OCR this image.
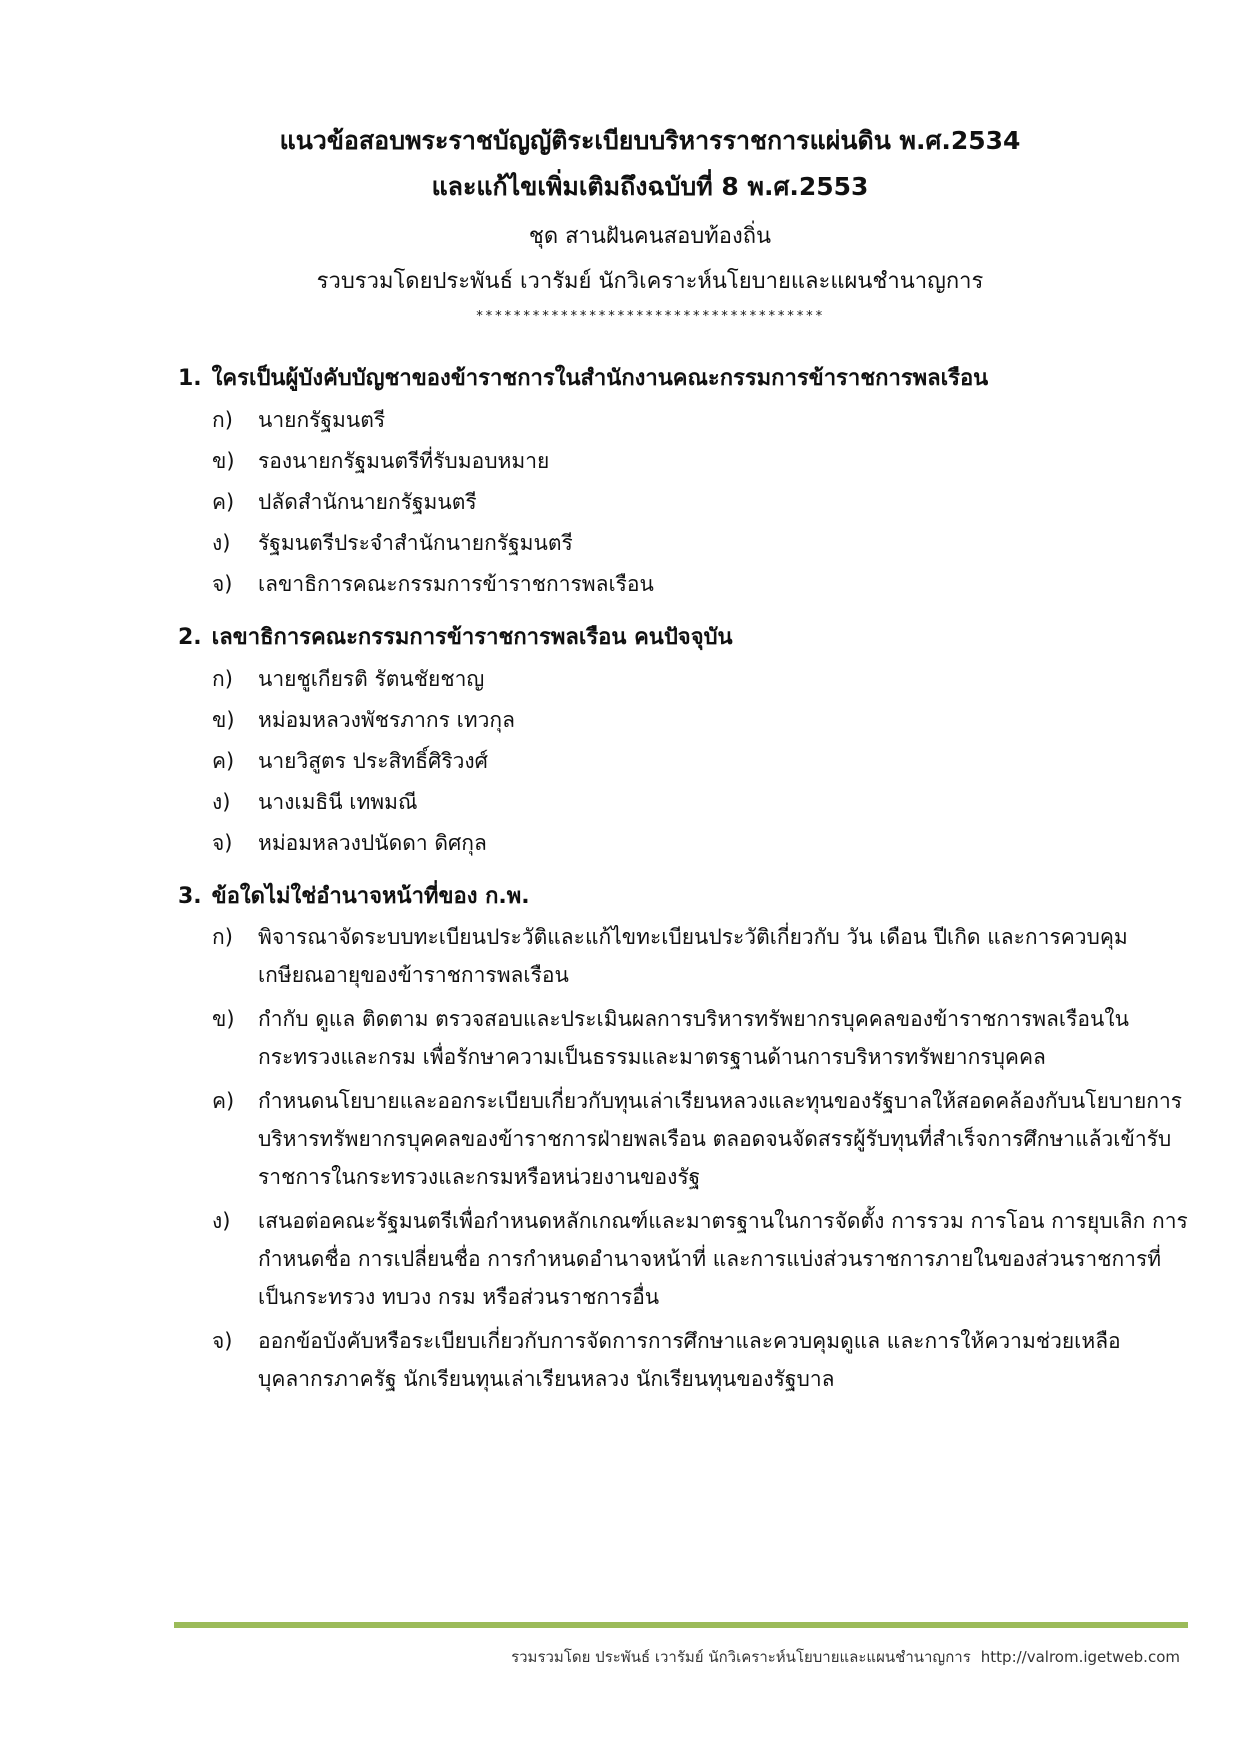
แนวข้อสอบพระราชบัญญัติระเบียบบริหารราชการแผ่นดิน พ.ศ.2534

และแก้ไขเพิ่มเติมถึงฉบับที่ 8 พ.ศ.2553

ชุด สานฝันคนสอบท้องถิ่น

รวบรวมโดยประพันธ์ เวารัมย์ นักวิเคราะห์นโยบายและแผนชำนาญการ

*************************************
1. ใครเป็นผู้บังคับบัญชาของข้าราชการในสำนักงานคณะกรรมการข้าราชการพลเรือน
ก)	นายกรัฐมนตรี
ข)	รองนายกรัฐมนตรีที่รับมอบหมาย
ค)	ปลัดสำนักนายกรัฐมนตรี
ง)	รัฐมนตรีประจำสำนักนายกรัฐมนตรี
จ)	เลขาธิการคณะกรรมการข้าราชการพลเรือน
2. เลขาธิการคณะกรรมการข้าราชการพลเรือน คนปัจจุบัน
ก)	นายชูเกียรติ รัตนชัยชาญ
ข)	หม่อมหลวงพัชรภากร เทวกุล
ค)	นายวิสูตร ประสิทธิ์ศิริวงศ์
ง)	นางเมธินี เทพมณี
จ)	หม่อมหลวงปนัดดา ดิศกุล
3. ข้อใดไม่ใช่อำนาจหน้าที่ของ ก.พ.
ก)	พิจารณาจัดระบบทะเบียนประวัติและแก้ไขทะเบียนประวัติเกี่ยวกับ วัน เดือน ปีเกิด และการควบคุมเกษียณอายุของข้าราชการพลเรือน
ข)	กำกับ ดูแล ติดตาม ตรวจสอบและประเมินผลการบริหารทรัพยากรบุคคลของข้าราชการพลเรือนในกระทรวงและกรม เพื่อรักษาความเป็นธรรมและมาตรฐานด้านการบริหารทรัพยากรบุคคล
ค)	กำหนดนโยบายและออกระเบียบเกี่ยวกับทุนเล่าเรียนหลวงและทุนของรัฐบาลให้สอดคล้องกับนโยบายการบริหารทรัพยากรบุคคลของข้าราชการฝ่ายพลเรือน ตลอดจนจัดสรรผู้รับทุนที่สำเร็จการศึกษาแล้วเข้ารับราชการในกระทรวงและกรมหรือหน่วยงานของรัฐ
ง)	เสนอต่อคณะรัฐมนตรีเพื่อกำหนดหลักเกณฑ์และมาตรฐานในการจัดตั้ง การรวม การโอน การยุบเลิก การกำหนดชื่อ การเปลี่ยนชื่อ การกำหนดอำนาจหน้าที่ และการแบ่งส่วนราชการภายในของส่วนราชการที่เป็นกระทรวง ทบวง กรม หรือส่วนราชการอื่น
จ)	ออกข้อบังคับหรือระเบียบเกี่ยวกับการจัดการการศึกษาและควบคุมดูแล และการให้ความช่วยเหลือบุคลากรภาครัฐ นักเรียนทุนเล่าเรียนหลวง นักเรียนทุนของรัฐบาล
รวมรวมโดย ประพันธ์ เวารัมย์ นักวิเคราะห์นโยบายและแผนชำนาญการ http://valrom.igetweb.com
